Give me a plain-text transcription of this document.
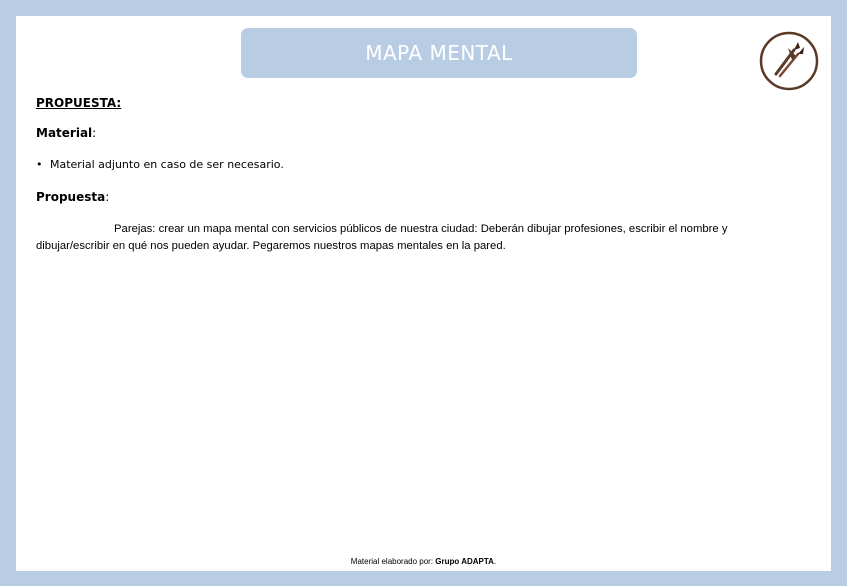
MAPA MENTAL
PROPUESTA:
Material:
• Material adjunto en caso de ser necesario.
Propuesta:

Parejas: crear un mapa mental con servicios públicos de nuestra ciudad: Deberán dibujar profesiones, escribir el nombre y dibujar/escribir en qué nos pueden ayudar. Pegaremos nuestros mapas mentales en la pared.

Material elaborado por: Grupo ADAPTA.
